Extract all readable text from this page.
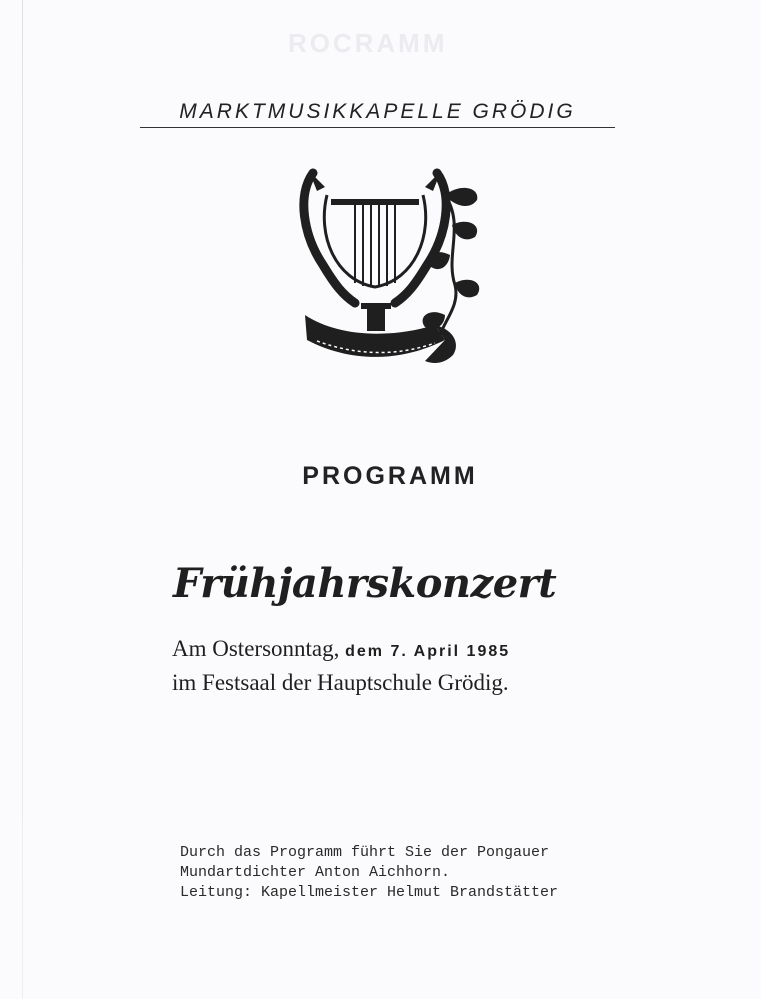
MMAЯƆOЯ
MARKTMUSIKKAPELLE GRÖDIG
PROGRAMM
Frühjahrskonzert
Am Ostersonntag, dem 7. April 1985
im Festsaal der Hauptschule Grödig.
Durch das Programm führt Sie der Pongauer
Mundartdichter Anton Aichhorn.
Leitung: Kapellmeister Helmut Brandstätter
